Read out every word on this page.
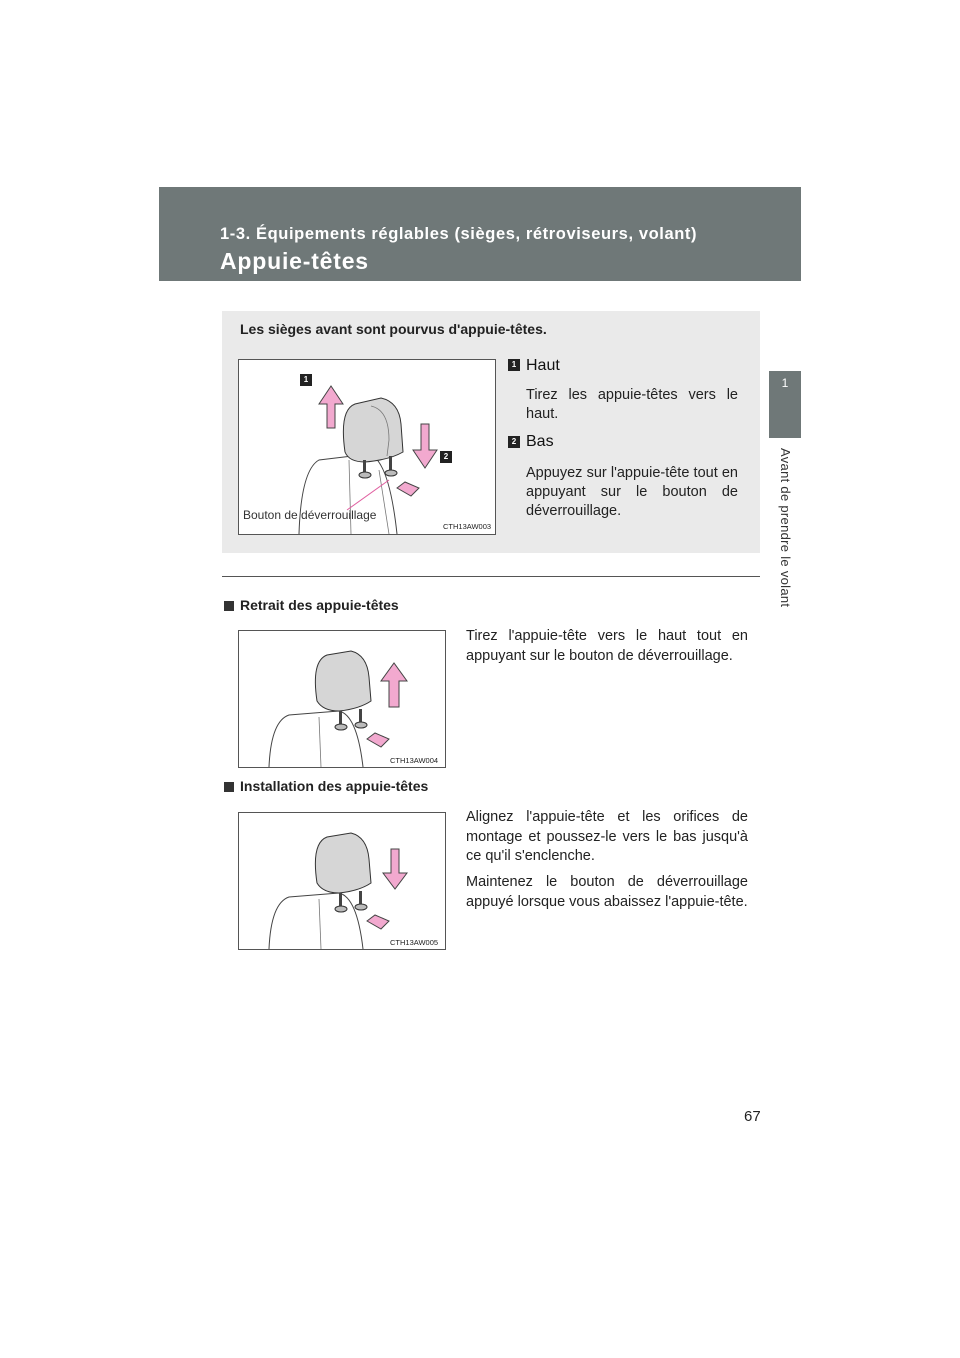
1-3. Équipements réglables (sièges, rétroviseurs, volant)
Appuie-têtes
1
Avant de prendre le volant
Les sièges avant sont pourvus d'appuie-têtes.
1
2
Bouton de déverrouillage
CTH13AW003
1 Haut
Tirez les appuie-têtes vers le haut.
2 Bas
Appuyez sur l'appuie-tête tout en appuyant sur le bouton de déverrouillage.
Retrait des appuie-têtes
CTH13AW004
Tirez l'appuie-tête vers le haut tout en appuyant sur le bouton de déverrouillage.
Installation des appuie-têtes
CTH13AW005
Alignez l'appuie-tête et les orifices de montage et poussez-le vers le bas jusqu'à ce qu'il s'enclenche.
Maintenez le bouton de déverrouillage appuyé lorsque vous abaissez l'appuie-tête.
67
